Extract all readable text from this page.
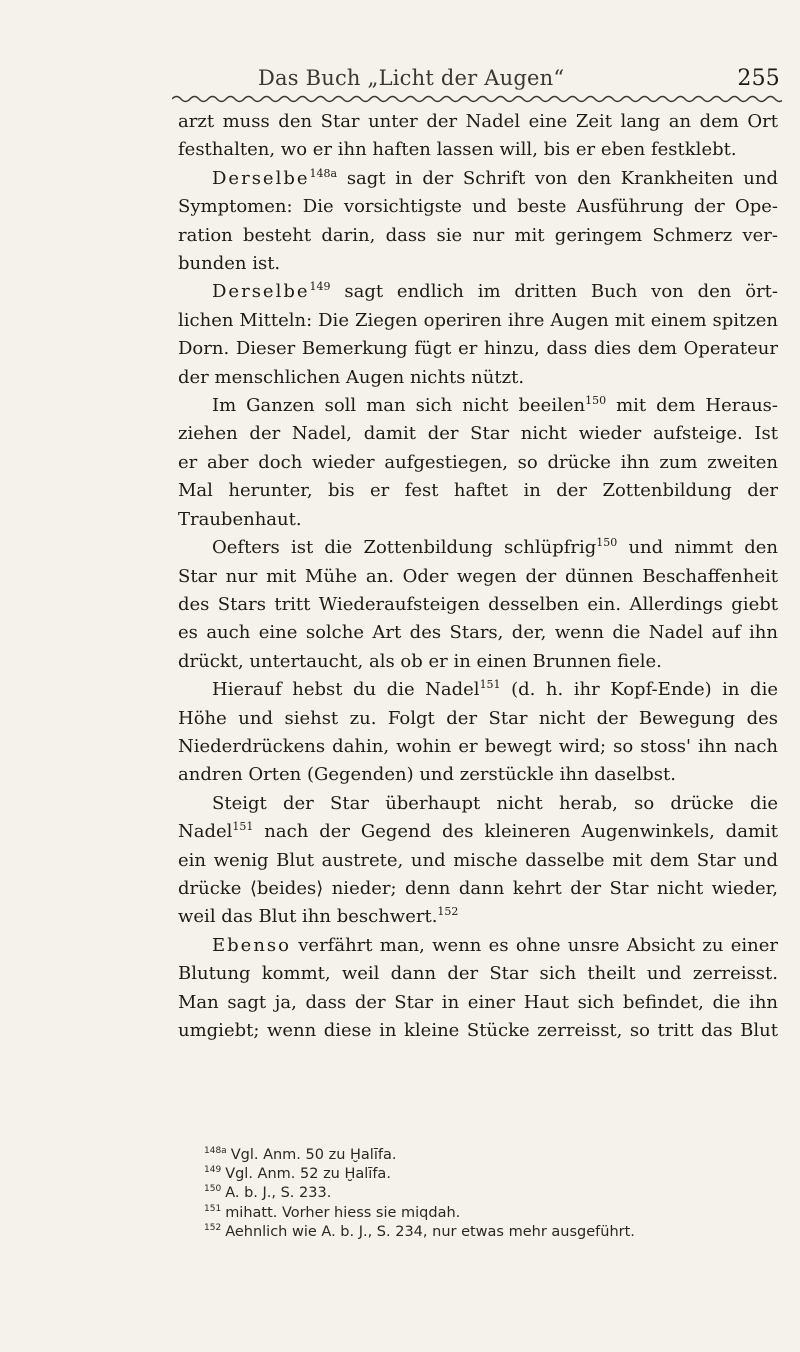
Das Buch „Licht der Augen“	255
arzt muss den Star unter der Nadel eine Zeit lang an dem Ort
festhalten, wo er ihn haften lassen will, bis er eben festklebt.
Derselbe$^{148a}$ sagt in der Schrift von den Krankheiten und
Symptomen: Die vorsichtigste und beste Ausführung der Ope-
ration besteht darin, dass sie nur mit geringem Schmerz ver-
bunden ist.
Derselbe$^{149}$ sagt endlich im dritten Buch von den ört-
lichen Mitteln: Die Ziegen operiren ihre Augen mit einem spitzen
Dorn. Dieser Bemerkung fügt er hinzu, dass dies dem Operateur
der menschlichen Augen nichts nützt.
Im Ganzen soll man sich nicht beeilen$^{150}$ mit dem Heraus-
ziehen der Nadel, damit der Star nicht wieder aufsteige. Ist
er aber doch wieder aufgestiegen, so drücke ihn zum zweiten
Mal herunter, bis er fest haftet in der Zottenbildung der
Traubenhaut.
Oefters ist die Zottenbildung schlüpfrig$^{150}$ und nimmt den
Star nur mit Mühe an. Oder wegen der dünnen Beschaffenheit
des Stars tritt Wiederaufsteigen desselben ein. Allerdings giebt
es auch eine solche Art des Stars, der, wenn die Nadel auf ihn
drückt, untertaucht, als ob er in einen Brunnen fiele.
Hierauf hebst du die Nadel$^{151}$ (d. h. ihr Kopf-Ende) in die
Höhe und siehst zu. Folgt der Star nicht der Bewegung des
Niederdrückens dahin, wohin er bewegt wird; so stoss' ihn nach
andren Orten (Gegenden) und zerstückle ihn daselbst.
Steigt der Star überhaupt nicht herab, so drücke die
Nadel$^{151}$ nach der Gegend des kleineren Augenwinkels, damit
ein wenig Blut austrete, und mische dasselbe mit dem Star und
drücke ⟨beides⟩ nieder; denn dann kehrt der Star nicht wieder,
weil das Blut ihn beschwert.$^{152}$
Ebenso verfährt man, wenn es ohne unsre Absicht zu einer
Blutung kommt, weil dann der Star sich theilt und zerreisst.
Man sagt ja, dass der Star in einer Haut sich befindet, die ihn
umgiebt; wenn diese in kleine Stücke zerreisst, so tritt das Blut
$^{148a}$ Vgl. Anm. 50 zu Ḫalīfa.
$^{149}$ Vgl. Anm. 52 zu Ḫalīfa.
$^{150}$ A. b. J., S. 233.
$^{151}$ mihatt. Vorher hiess sie miqdah.
$^{152}$ Aehnlich wie A. b. J., S. 234, nur etwas mehr ausgeführt.
